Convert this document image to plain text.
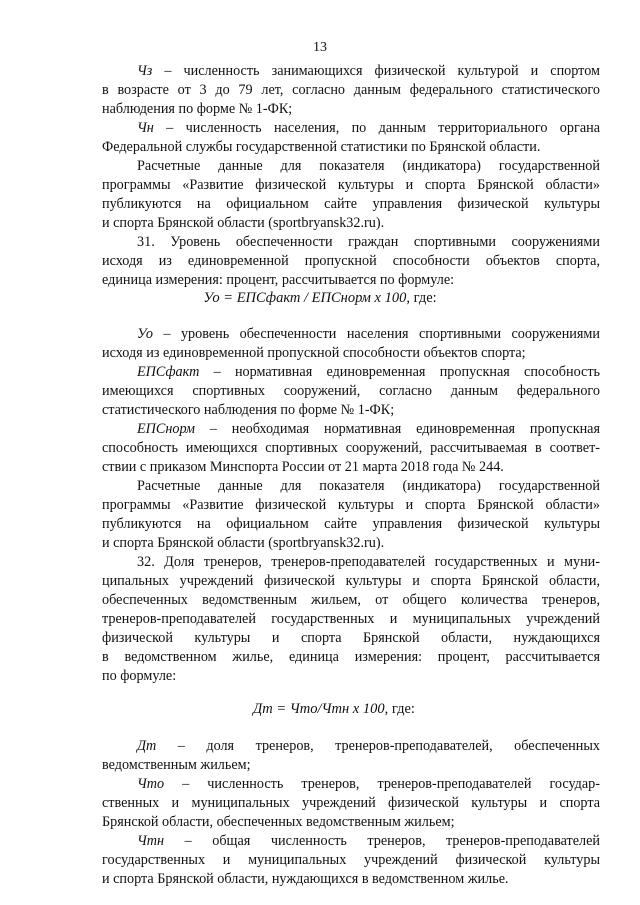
13
Чз – численность занимающихся физической культурой и спортом
в возрасте от 3 до 79 лет, согласно данным федерального статистического
наблюдения по форме № 1-ФК;
Чн – численность населения, по данным территориального органа
Федеральной службы государственной статистики по Брянской области.
Расчетные данные для показателя (индикатора) государственной
программы «Развитие физической культуры и спорта Брянской области»
публикуются на официальном сайте управления физической культуры
и спорта Брянской области (sportbryansk32.ru).
31. Уровень обеспеченности граждан спортивными сооружениями
исходя из единовременной пропускной способности объектов спорта,
единица измерения: процент, рассчитывается по формуле:
Уо = ЕПСфакт / ЕПСнорм х 100, где:
Уо – уровень обеспеченности населения спортивными сооружениями
исходя из единовременной пропускной способности объектов спорта;
ЕПСфакт – нормативная единовременная пропускная способность
имеющихся спортивных сооружений, согласно данным федерального
статистического наблюдения по форме № 1-ФК;
ЕПСнорм – необходимая нормативная единовременная пропускная
способность имеющихся спортивных сооружений, рассчитываемая в соответ-
ствии с приказом Минспорта России от 21 марта 2018 года № 244.
Расчетные данные для показателя (индикатора) государственной
программы «Развитие физической культуры и спорта Брянской области»
публикуются на официальном сайте управления физической культуры
и спорта Брянской области (sportbryansk32.ru).
32. Доля тренеров, тренеров-преподавателей государственных и муни-
ципальных учреждений физической культуры и спорта Брянской области,
обеспеченных ведомственным жильем, от общего количества тренеров,
тренеров-преподавателей государственных и муниципальных учреждений
физической культуры и спорта Брянской области, нуждающихся
в ведомственном жилье, единица измерения: процент, рассчитывается
по формуле:
Дт = Что/Чтн х 100, где:
Дт – доля тренеров, тренеров-преподавателей, обеспеченных
ведомственным жильем;
Что – численность тренеров, тренеров-преподавателей государ-
ственных и муниципальных учреждений физической культуры и спорта
Брянской области, обеспеченных ведомственным жильем;
Чтн – общая численность тренеров, тренеров-преподавателей
государственных и муниципальных учреждений физической культуры
и спорта Брянской области, нуждающихся в ведомственном жилье.
